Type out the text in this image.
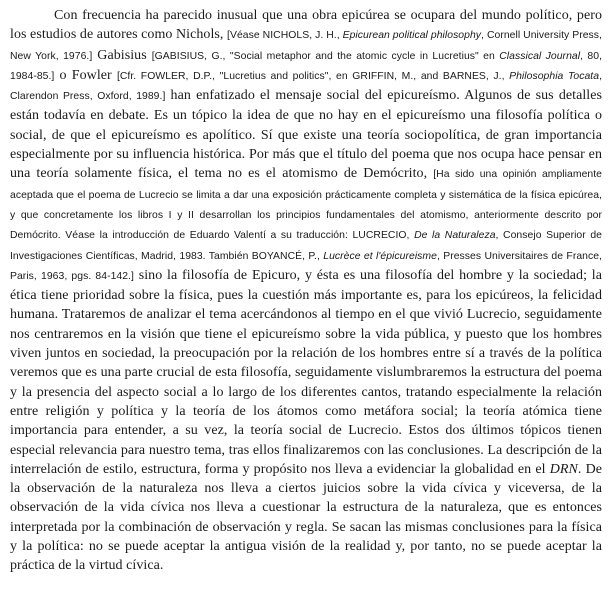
Con frecuencia ha parecido inusual que una obra epicúrea se ocupara del mundo político, pero los estudios de autores como Nichols, [Véase NICHOLS, J. H., Epicurean political philosophy, Cornell University Press, New York, 1976.] Gabisius [GABISIUS, G., "Social metaphor and the atomic cycle in Lucretius" en Classical Journal, 80, 1984-85.] o Fowler [Cfr. FOWLER, D.P., "Lucretius and politics", en GRIFFIN, M., and BARNES, J., Philosophia Tocata, Clarendon Press, Oxford, 1989.] han enfatizado el mensaje social del epicureísmo. Algunos de sus detalles están todavía en debate. Es un tópico la idea de que no hay en el epicureísmo una filosofía política o social, de que el epicureísmo es apolítico. Sí que existe una teoría sociopolítica, de gran importancia especialmente por su influencia histórica. Por más que el título del poema que nos ocupa hace pensar en una teoría solamente física, el tema no es el atomismo de Demócrito, [Ha sido una opinión ampliamente aceptada que el poema de Lucrecio se limita a dar una exposición prácticamente completa y sistemática de la física epicúrea, y que concretamente los libros I y II desarrollan los principios fundamentales del atomismo, anteriormente descrito por Demócrito. Véase la introducción de Eduardo Valentí a su traducción: LUCRECIO, De la Naturaleza, Consejo Superior de Investigaciones Científicas, Madrid, 1983. También BOYANCÉ, P., Lucrèce et l'épicureisme, Presses Universitaires de France, Paris, 1963, pgs. 84-142.] sino la filosofía de Epicuro, y ésta es una filosofía del hombre y la sociedad; la ética tiene prioridad sobre la física, pues la cuestión más importante es, para los epicúreos, la felicidad humana. Trataremos de analizar el tema acercándonos al tiempo en el que vivió Lucrecio, seguidamente nos centraremos en la visión que tiene el epicureísmo sobre la vida pública, y puesto que los hombres viven juntos en sociedad, la preocupación por la relación de los hombres entre sí a través de la política veremos que es una parte crucial de esta filosofía, seguidamente vislumbraremos la estructura del poema y la presencia del aspecto social a lo largo de los diferentes cantos, tratando especialmente la relación entre religión y política y la teoría de los átomos como metáfora social; la teoría atómica tiene importancia para entender, a su vez, la teoría social de Lucrecio. Estos dos últimos tópicos tienen especial relevancia para nuestro tema, tras ellos finalizaremos con las conclusiones. La descripción de la interrelación de estilo, estructura, forma y propósito nos lleva a evidenciar la globalidad en el DRN. De la observación de la naturaleza nos lleva a ciertos juicios sobre la vida cívica y viceversa, de la observación de la vida cívica nos lleva a cuestionar la estructura de la naturaleza, que es entonces interpretada por la combinación de observación y regla. Se sacan las mismas conclusiones para la física y la política: no se puede aceptar la antigua visión de la realidad y, por tanto, no se puede aceptar la práctica de la virtud cívica.
